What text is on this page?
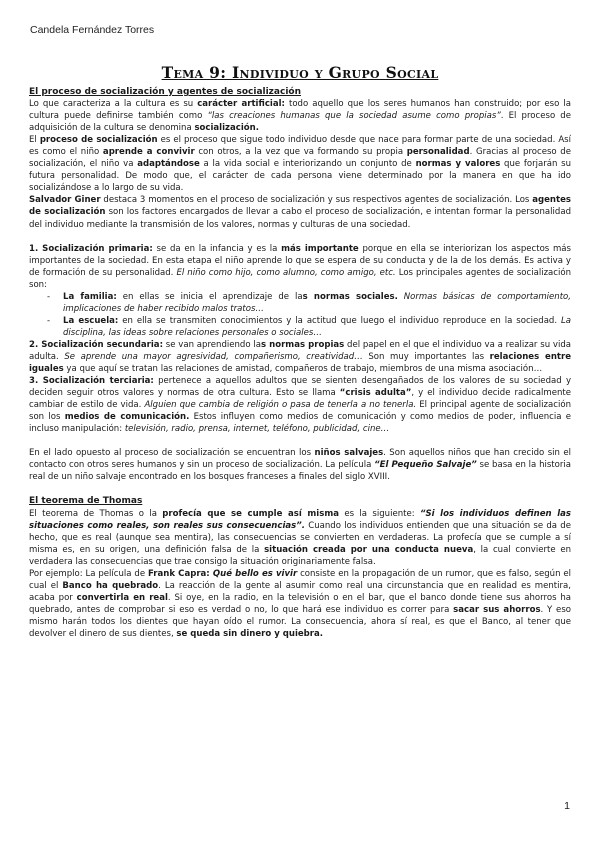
Candela Fernández Torres
Tema 9: Individuo y Grupo Social

El proceso de socialización y agentes de socialización

Lo que caracteriza a la cultura es su carácter artificial: todo aquello que los seres humanos han construido; por eso la cultura puede definirse también como “las creaciones humanas que la sociedad asume como propias”. El proceso de adquisición de la cultura se denomina socialización.

El proceso de socialización es el proceso que sigue todo individuo desde que nace para formar parte de una sociedad. Así es como el niño aprende a convivir con otros, a la vez que va formando su propia personalidad. Gracias al proceso de socialización, el niño va adaptándose a la vida social e interiorizando un conjunto de normas y valores que forjarán su futura personalidad. De modo que, el carácter de cada persona viene determinado por la manera en que ha ido socializándose a lo largo de su vida.

Salvador Giner destaca 3 momentos en el proceso de socialización y sus respectivos agentes de socialización. Los agentes de socialización son los factores encargados de llevar a cabo el proceso de socialización, e intentan formar la personalidad del individuo mediante la transmisión de los valores, normas y culturas de una sociedad.

1. Socialización primaria: se da en la infancia y es la más importante porque en ella se interiorizan los aspectos más importantes de la sociedad. En esta etapa el niño aprende lo que se espera de su conducta y de la de los demás. Es activa y de formación de su personalidad. El niño como hijo, como alumno, como amigo, etc. Los principales agentes de socialización son:

- La familia: en ellas se inicia el aprendizaje de las normas sociales. Normas básicas de comportamiento, implicaciones de haber recibido malos tratos…
- La escuela: en ella se transmiten conocimientos y la actitud que luego el individuo reproduce en la sociedad. La disciplina, las ideas sobre relaciones personales o sociales…

2. Socialización secundaria: se van aprendiendo las normas propias del papel en el que el individuo va a realizar su vida adulta. Se aprende una mayor agresividad, compañerismo, creatividad… Son muy importantes las relaciones entre iguales ya que aquí se tratan las relaciones de amistad, compañeros de trabajo, miembros de una misma asociación…

3. Socialización terciaria: pertenece a aquellos adultos que se sienten desengañados de los valores de su sociedad y deciden seguir otros valores y normas de otra cultura. Esto se llama “crisis adulta”, y el individuo decide radicalmente cambiar de estilo de vida. Alguien que cambia de religión o pasa de tenerla a no tenerla. El principal agente de socialización son los medios de comunicación. Estos influyen como medios de comunicación y como medios de poder, influencia e incluso manipulación: televisión, radio, prensa, internet, teléfono, publicidad, cine…

En el lado opuesto al proceso de socialización se encuentran los niños salvajes. Son aquellos niños que han crecido sin el contacto con otros seres humanos y sin un proceso de socialización. La película “El Pequeño Salvaje” se basa en la historia real de un niño salvaje encontrado en los bosques franceses a finales del siglo XVIII.

El teorema de Thomas

El teorema de Thomas o la profecía que se cumple así misma es la siguiente: “Si los individuos definen las situaciones como reales, son reales sus consecuencias”. Cuando los individuos entienden que una situación se da de hecho, que es real (aunque sea mentira), las consecuencias se convierten en verdaderas. La profecía que se cumple a sí misma es, en su origen, una definición falsa de la situación creada por una conducta nueva, la cual convierte en verdadera las consecuencias que trae consigo la situación originariamente falsa.

Por ejemplo: La película de Frank Capra: Qué bello es vivir consiste en la propagación de un rumor, que es falso, según el cual el Banco ha quebrado. La reacción de la gente al asumir como real una circunstancia que en realidad es mentira, acaba por convertirla en real. Si oye, en la radio, en la televisión o en el bar, que el banco donde tiene sus ahorros ha quebrado, antes de comprobar si eso es verdad o no, lo que hará ese individuo es correr para sacar sus ahorros. Y eso mismo harán todos los dientes que hayan oído el rumor. La consecuencia, ahora sí real, es que el Banco, al tener que devolver el dinero de sus dientes, se queda sin dinero y quiebra.

1
